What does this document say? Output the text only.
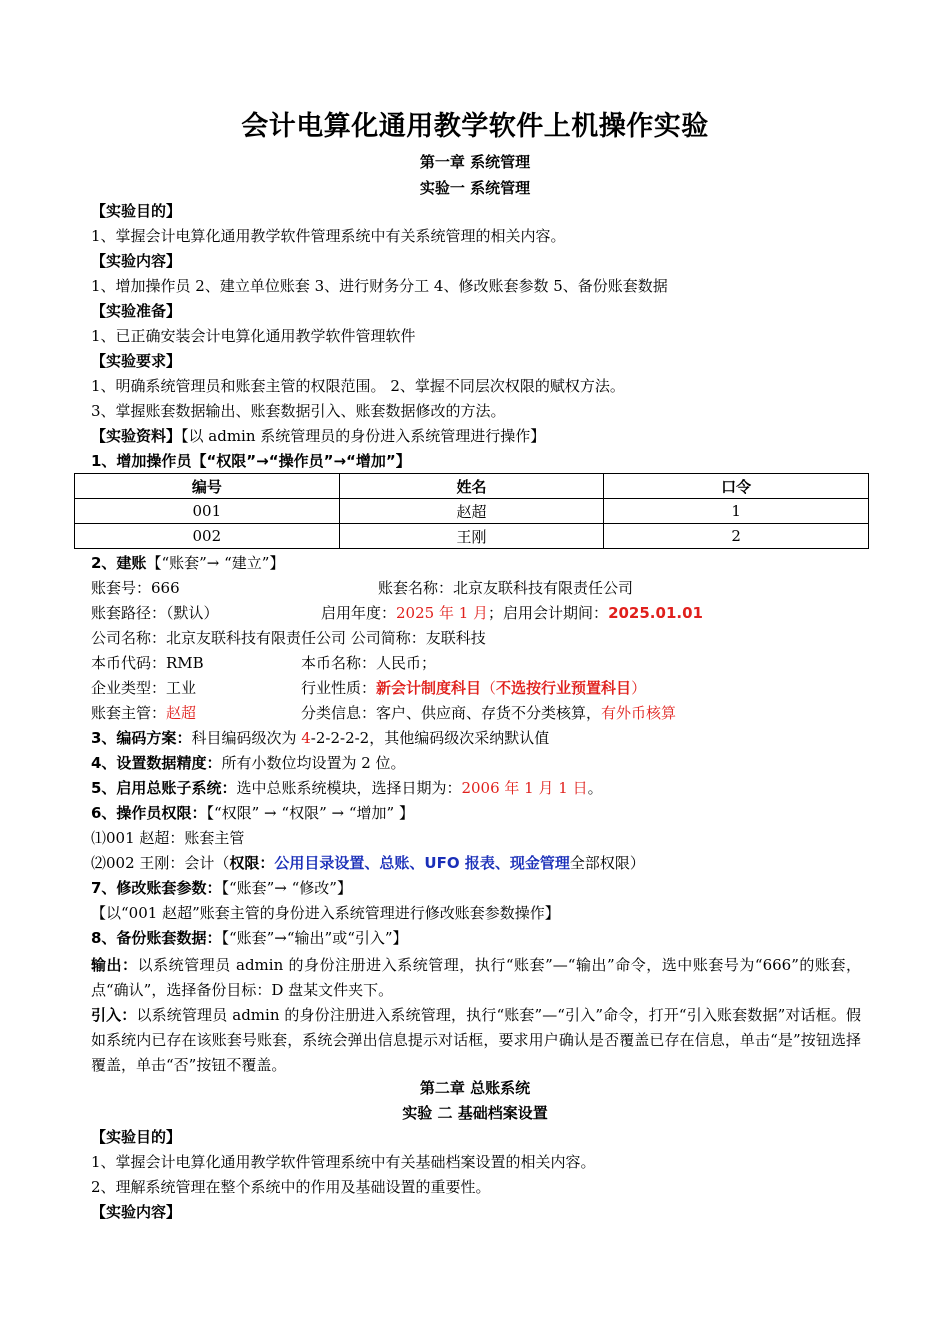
会计电算化通用教学软件上机操作实验
第一章 系统管理
实验一 系统管理
【实验目的】
1、掌握会计电算化通用教学软件管理系统中有关系统管理的相关内容。
【实验内容】
1、增加操作员 2、建立单位账套 3、进行财务分工 4、修改账套参数 5、备份账套数据
【实验准备】
1、已正确安装会计电算化通用教学软件管理软件
【实验要求】
1、明确系统管理员和账套主管的权限范围。 2、掌握不同层次权限的赋权方法。
3、掌握账套数据输出、账套数据引入、账套数据修改的方法。
【实验资料】【以 admin 系统管理员的身份进入系统管理进行操作】
1、增加操作员【“权限”→“操作员”→“增加”】
编号	姓名	口令
001	赵超	1
002	王刚	2
2、建账【“账套”→ “建立”】
账套号：666	账套名称：北京友联科技有限责任公司
账套路径：（默认）	启用年度：2025 年 1 月；启用会计期间：2025.01.01
公司名称：北京友联科技有限责任公司 公司简称：友联科技
本币代码：RMB	本币名称：人民币；
企业类型：工业	行业性质：新会计制度科目（不选按行业预置科目）
账套主管：赵超	分类信息：客户、供应商、存货不分类核算，有外币核算
3、编码方案：科目编码级次为 4-2-2-2-2，其他编码级次采纳默认值
4、设置数据精度：所有小数位均设置为 2 位。
5、启用总账子系统：选中总账系统模块，选择日期为：2006 年 1 月 1 日。
6、操作员权限：【“权限” → “权限” → “增加” 】
⑴001 赵超：账套主管
⑵002 王刚：会计（权限：公用目录设置、总账、UFO 报表、现金管理全部权限）
7、修改账套参数：【“账套”→ “修改”】
【以“001 赵超”账套主管的身份进入系统管理进行修改账套参数操作】
8、备份账套数据：【“账套”→“输出”或“引入”】
输出：以系统管理员 admin 的身份注册进入系统管理，执行“账套”—“输出”命令，选中账套号为“666”的账套，点“确认”，选择备份目标：D 盘某文件夹下。
引入：以系统管理员 admin 的身份注册进入系统管理，执行“账套”—“引入”命令，打开“引入账套数据”对话框。假如系统内已存在该账套号账套，系统会弹出信息提示对话框，要求用户确认是否覆盖已存在信息，单击“是”按钮选择覆盖，单击“否”按钮不覆盖。
第二章 总账系统
实验 二 基础档案设置
【实验目的】
1、掌握会计电算化通用教学软件管理系统中有关基础档案设置的相关内容。
2、理解系统管理在整个系统中的作用及基础设置的重要性。
【实验内容】
